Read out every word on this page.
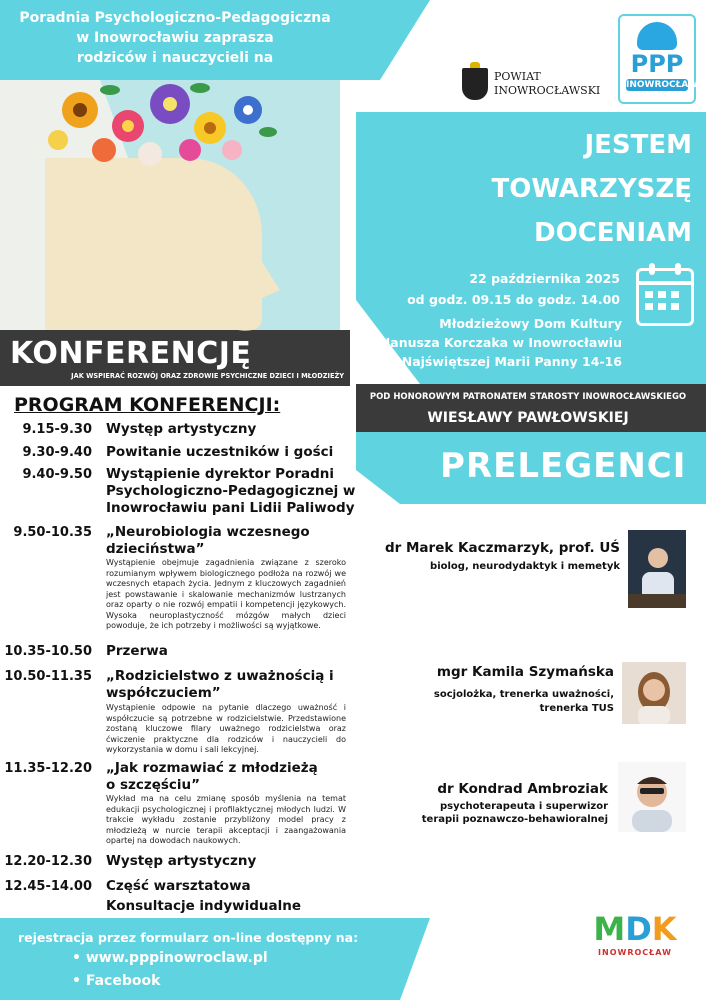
Poradnia Psychologiczno-Pedagogiczna
w Inowrocławiu zaprasza
rodziców i nauczycieli na
POWIAT
INOWROCŁAWSKI
PPP
INOWROCŁAW
JESTEM
TOWARZYSZĘ
DOCENIAM
22 października 2025
od godz. 09.15 do godz. 14.00
Młodzieżowy Dom Kultury
im. Janusza Korczaka w Inowrocławiu
ul. Najświętszej Marii Panny 14-16
KONFERENCJĘ
JAK WSPIERAĆ ROZWÓJ ORAZ ZDROWIE PSYCHICZNE DZIECI I MŁODZIEŻY
POD HONOROWYM PATRONATEM STAROSTY INOWROCŁAWSKIEGO
WIESŁAWY PAWŁOWSKIEJ
PROGRAM KONFERENCJI:
9.15-9.30 Występ artystyczny
9.30-9.40 Powitanie uczestników i gości
9.40-9.50 Wystąpienie dyrektor Poradni Psychologiczno-Pedagogicznej w Inowrocławiu pani Lidii Paliwody
9.50-10.35 „Neurobiologia wczesnego dzieciństwa”
Wystąpienie obejmuje zagadnienia związane z szeroko rozumianym wpływem biologicznego podłoża na rozwój we wczesnych etapach życia. Jednym z kluczowych zagadnień jest powstawanie i skalowanie mechanizmów lustrzanych oraz oparty o nie rozwój empatii i kompetencji językowych. Wysoka neuroplastyczność mózgów małych dzieci powoduje, że ich potrzeby i możliwości są wyjątkowe.
10.35-10.50 Przerwa
10.50-11.35 „Rodzicielstwo z uważnością i współczuciem”
Wystąpienie odpowie na pytanie dlaczego uważność i współczucie są potrzebne w rodzicielstwie. Przedstawione zostaną kluczowe filary uważnego rodzicielstwa oraz ćwiczenie praktyczne dla rodziców i nauczycieli do wykorzystania w domu i sali lekcyjnej.
11.35-12.20 „Jak rozmawiać z młodzieżą o szczęściu”
Wykład ma na celu zmianę sposób myślenia na temat edukacji psychologicznej i profilaktycznej młodych ludzi. W trakcie wykładu zostanie przybliżony model pracy z młodzieżą w nurcie terapii akceptacji i zaangażowania opartej na dowodach naukowych.
12.20-12.30 Występ artystyczny
12.45-14.00 Część warsztatowa
Konsultacje indywidualne
PRELEGENCI
dr Marek Kaczmarzyk, prof. UŚ
biolog, neurodydaktyk i memetyk
mgr Kamila Szymańska
socjolożka, trenerka uważności,
trenerka TUS
dr Kondrad Ambroziak
psychoterapeuta i superwizor
terapii poznawczo-behawioralnej
rejestracja przez formularz on-line dostępny na:
• www.pppinowroclaw.pl
• Facebook
MDK
INOWROCŁAW
